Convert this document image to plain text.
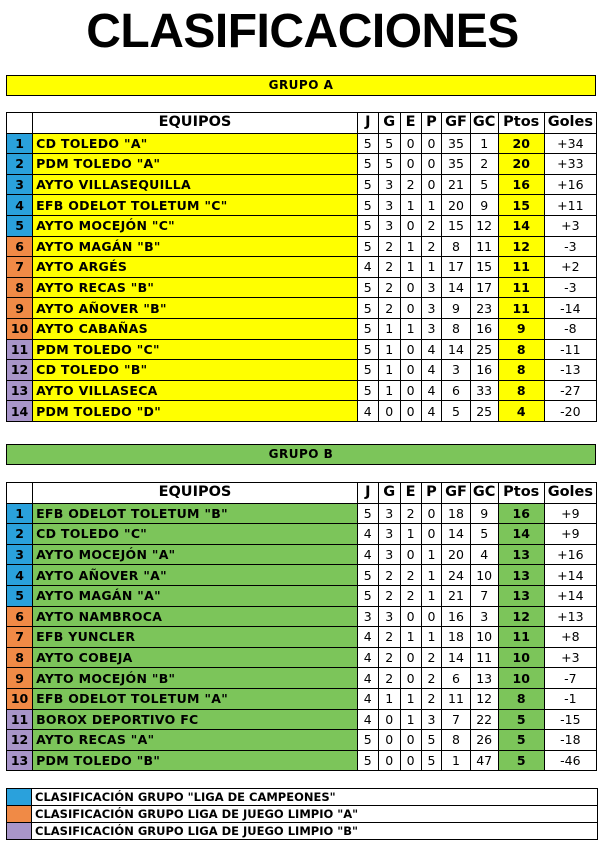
CLASIFICACIONES
GRUPO A
	EQUIPOS	J	G	E	P	GF	GC	Ptos	Goles
1	CD TOLEDO "A"	5	5	0	0	35	1	20	+34
2	PDM TOLEDO "A"	5	5	0	0	35	2	20	+33
3	AYTO VILLASEQUILLA	5	3	2	0	21	5	16	+16
4	EFB ODELOT TOLETUM "C"	5	3	1	1	20	9	15	+11
5	AYTO MOCEJÓN "C"	5	3	0	2	15	12	14	+3
6	AYTO MAGÁN "B"	5	2	1	2	8	11	12	-3
7	AYTO ARGÉS	4	2	1	1	17	15	11	+2
8	AYTO RECAS "B"	5	2	0	3	14	17	11	-3
9	AYTO AÑOVER "B"	5	2	0	3	9	23	11	-14
10	AYTO CABAÑAS	5	1	1	3	8	16	9	-8
11	PDM TOLEDO "C"	5	1	0	4	14	25	8	-11
12	CD TOLEDO "B"	5	1	0	4	3	16	8	-13
13	AYTO VILLASECA	5	1	0	4	6	33	8	-27
14	PDM TOLEDO "D"	4	0	0	4	5	25	4	-20
GRUPO B
	EQUIPOS	J	G	E	P	GF	GC	Ptos	Goles
1	EFB ODELOT TOLETUM "B"	5	3	2	0	18	9	16	+9
2	CD TOLEDO "C"	4	3	1	0	14	5	14	+9
3	AYTO MOCEJÓN "A"	4	3	0	1	20	4	13	+16
4	AYTO AÑOVER "A"	5	2	2	1	24	10	13	+14
5	AYTO MAGÁN "A"	5	2	2	1	21	7	13	+14
6	AYTO NAMBROCA	3	3	0	0	16	3	12	+13
7	EFB YUNCLER	4	2	1	1	18	10	11	+8
8	AYTO COBEJA	4	2	0	2	14	11	10	+3
9	AYTO MOCEJÓN "B"	4	2	0	2	6	13	10	-7
10	EFB ODELOT TOLETUM "A"	4	1	1	2	11	12	8	-1
11	BOROX DEPORTIVO FC	4	0	1	3	7	22	5	-15
12	AYTO RECAS "A"	5	0	0	5	8	26	5	-18
13	PDM TOLEDO "B"	5	0	0	5	1	47	5	-46
	CLASIFICACIÓN GRUPO "LIGA DE CAMPEONES"
	CLASIFICACIÓN GRUPO LIGA DE JUEGO LIMPIO "A"
	CLASIFICACIÓN GRUPO LIGA DE JUEGO LIMPIO "B"
